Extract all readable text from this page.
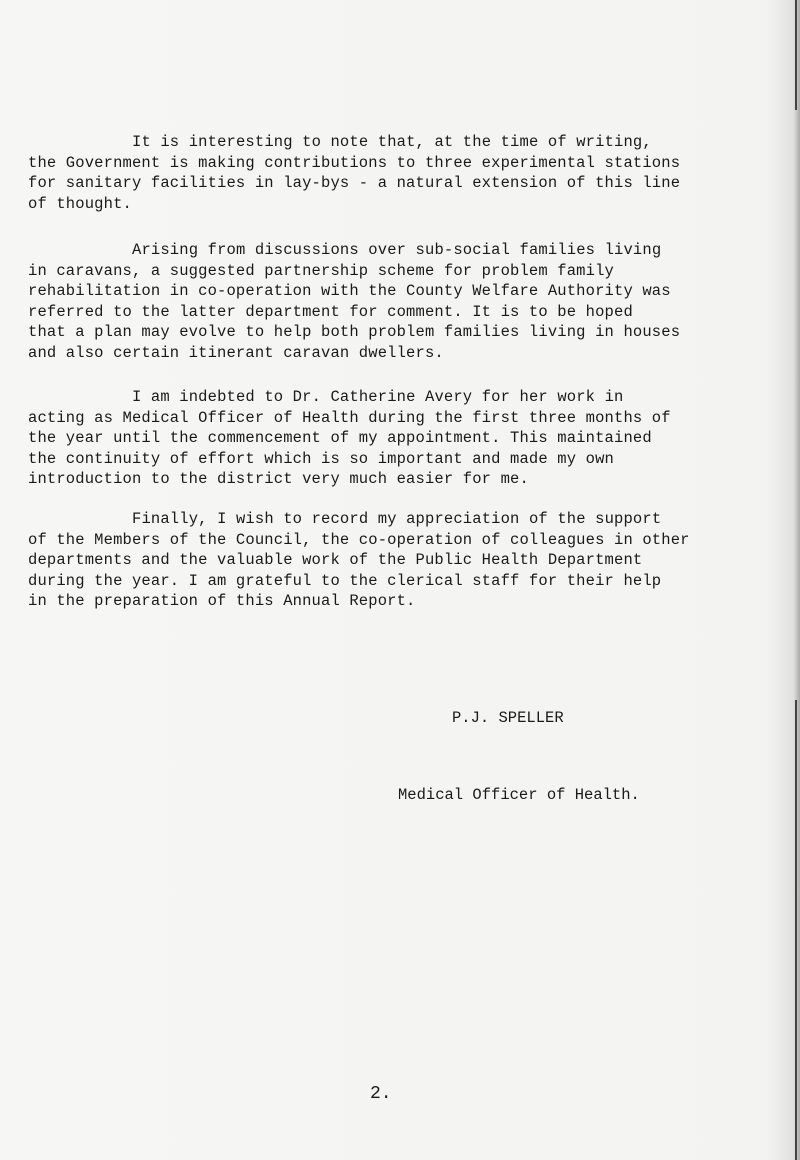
It is interesting to note that, at the time of writing,
the Government is making contributions to three experimental stations
for sanitary facilities in lay-bys - a natural extension of this line
of thought.

Arising from discussions over sub-social families living
in caravans, a suggested partnership scheme for problem family
rehabilitation in co-operation with the County Welfare Authority was
referred to the latter department for comment. It is to be hoped
that a plan may evolve to help both problem families living in houses
and also certain itinerant caravan dwellers.

I am indebted to Dr. Catherine Avery for her work in
acting as Medical Officer of Health during the first three months of
the year until the commencement of my appointment. This maintained
the continuity of effort which is so important and made my own
introduction to the district very much easier for me.

Finally, I wish to record my appreciation of the support
of the Members of the Council, the co-operation of colleagues in other
departments and the valuable work of the Public Health Department
during the year. I am grateful to the clerical staff for their help
in the preparation of this Annual Report.

P.J. SPELLER

Medical Officer of Health.

2.
